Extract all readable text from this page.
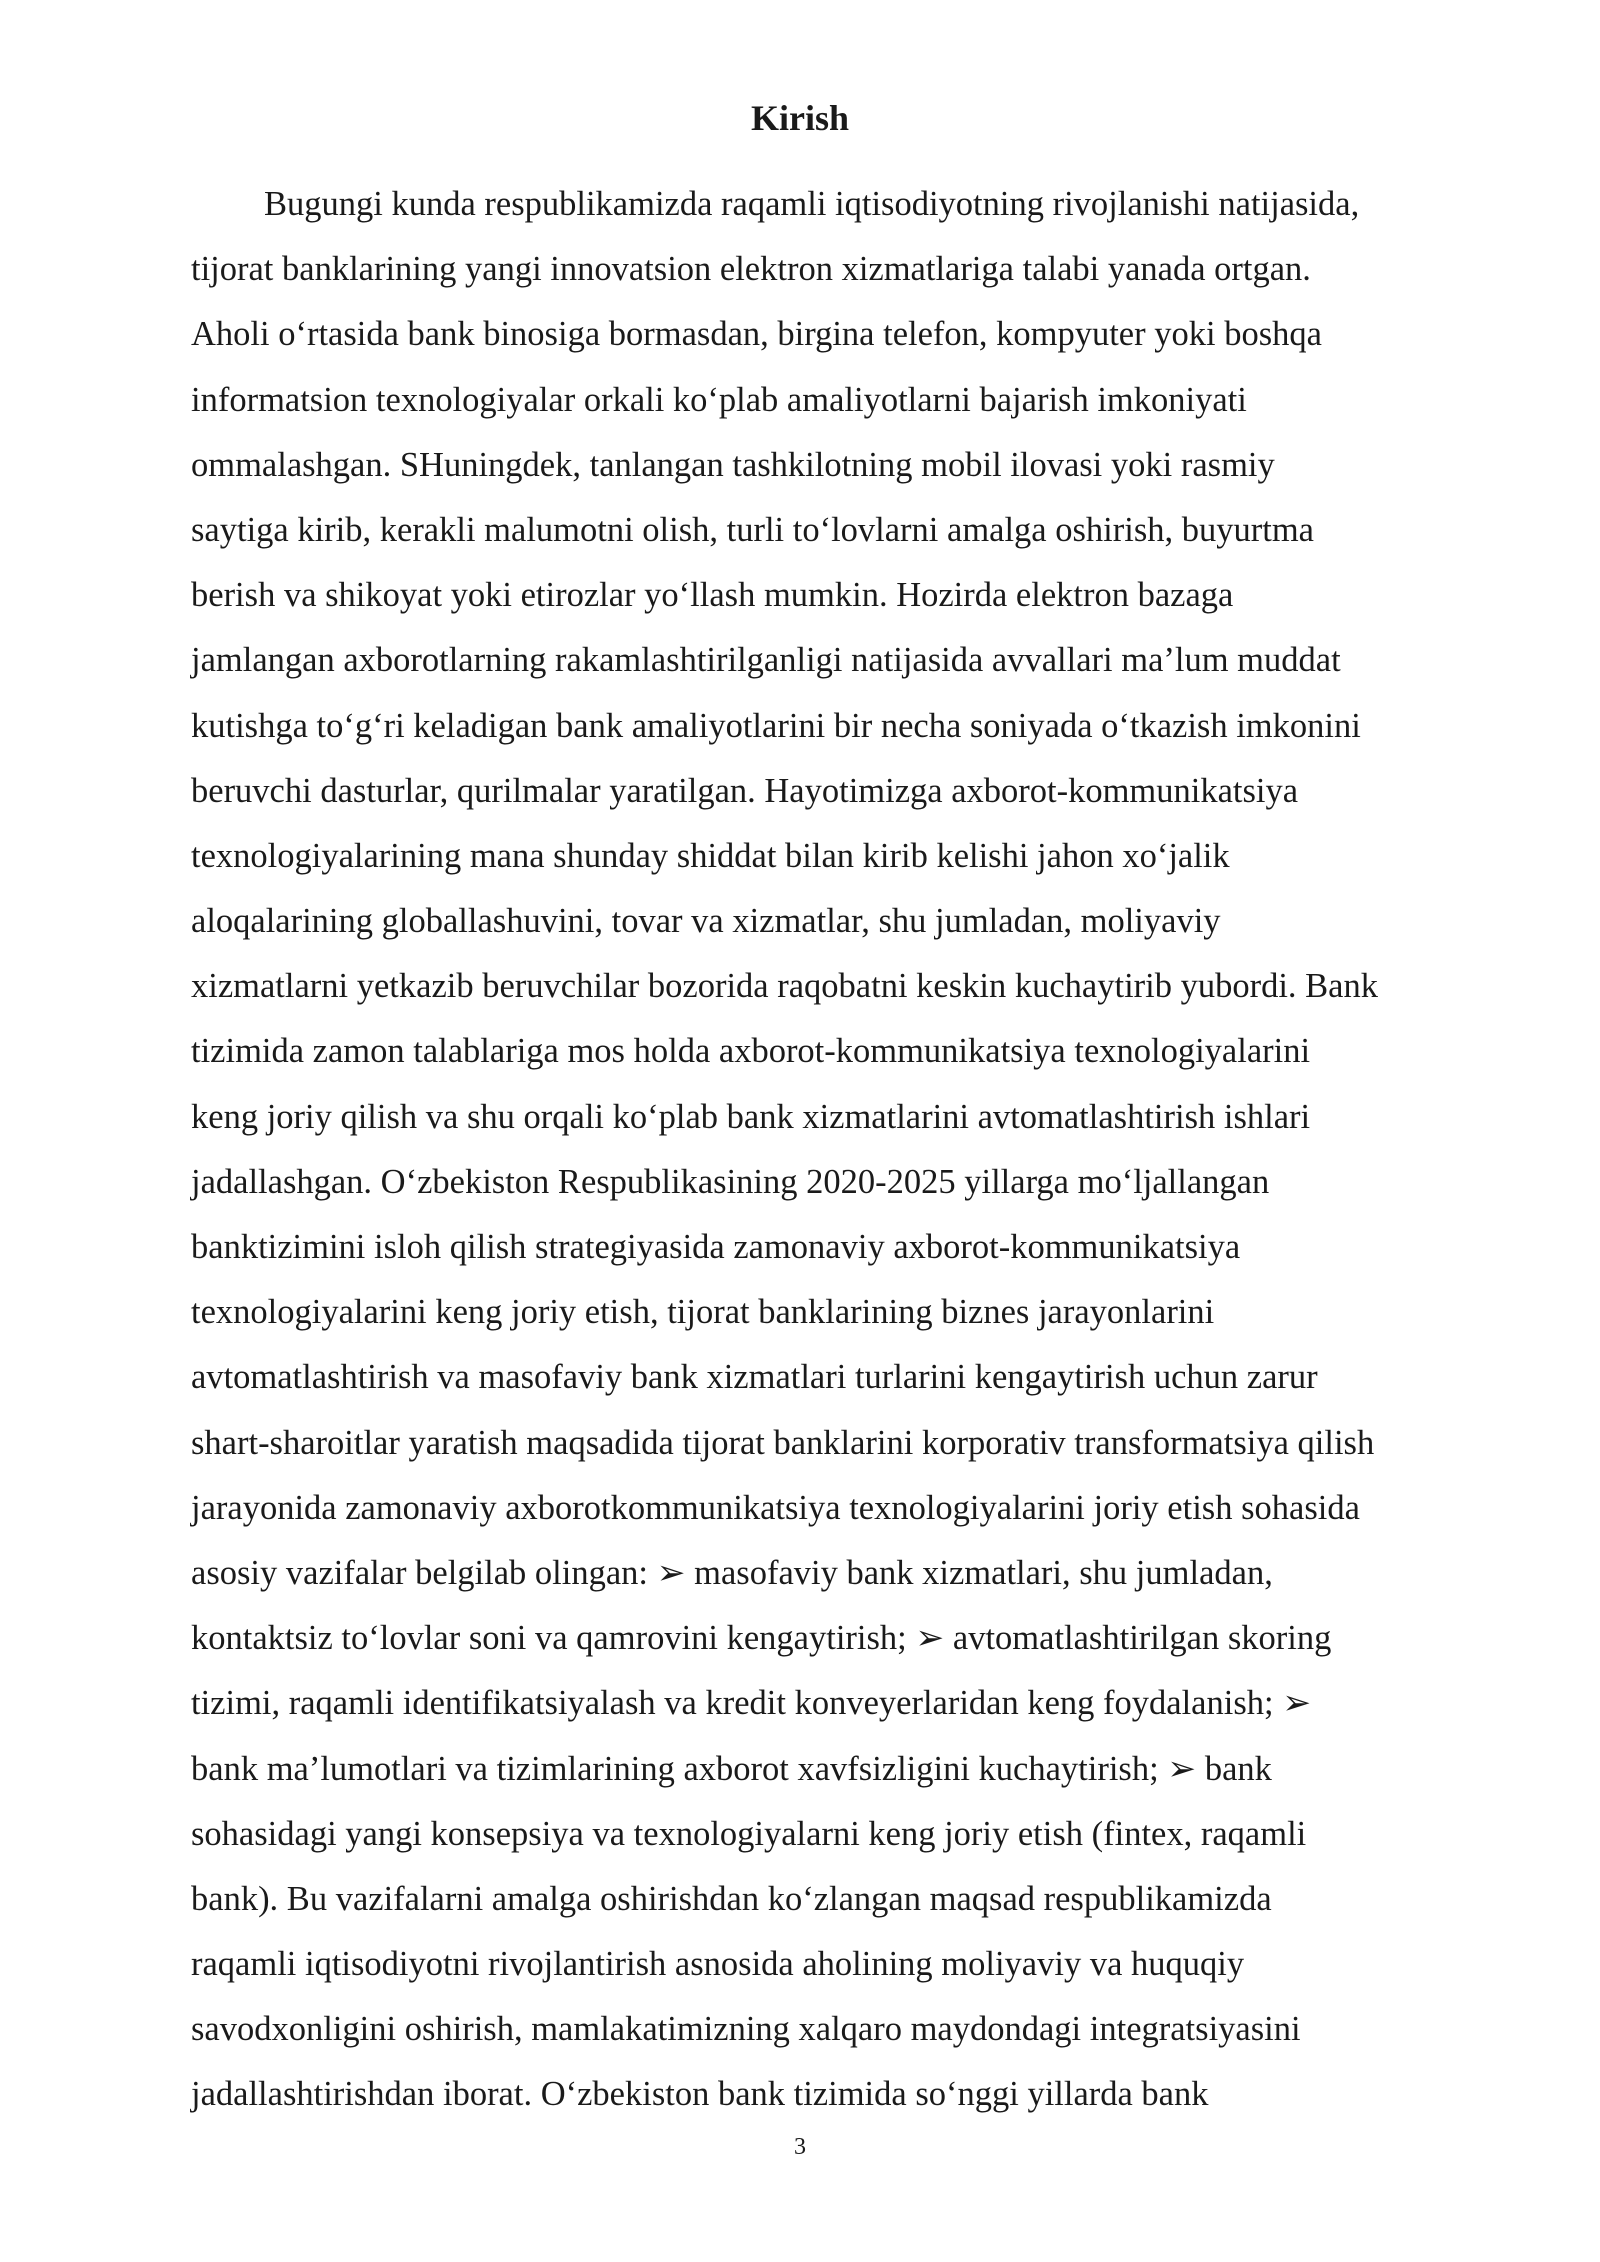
Kirish
Bugungi kunda respublikamizda raqamli iqtisodiyotning rivojlanishi natijasida,
tijorat banklarining yangi innovatsion elektron xizmatlariga talabi yanada ortgan.
Aholi o‘rtasida bank binosiga bormasdan, birgina telefon, kompyuter yoki boshqa
informatsion texnologiyalar orkali ko‘plab amaliyotlarni bajarish imkoniyati
ommalashgan. SHuningdek, tanlangan tashkilotning mobil ilovasi yoki rasmiy
saytiga kirib, kerakli malumotni olish, turli to‘lovlarni amalga oshirish, buyurtma
berish va shikoyat yoki etirozlar yo‘llash mumkin. Hozirda elektron bazaga
jamlangan axborotlarning rakamlashtirilganligi natijasida avvallari ma’lum muddat
kutishga to‘g‘ri keladigan bank amaliyotlarini bir necha soniyada o‘tkazish imkonini
beruvchi dasturlar, qurilmalar yaratilgan. Hayotimizga axborot-kommunikatsiya
texnologiyalarining mana shunday shiddat bilan kirib kelishi jahon xo‘jalik
aloqalarining globallashuvini, tovar va xizmatlar, shu jumladan, moliyaviy
xizmatlarni yetkazib beruvchilar bozorida raqobatni keskin kuchaytirib yubordi. Bank
tizimida zamon talablariga mos holda axborot-kommunikatsiya texnologiyalarini
keng joriy qilish va shu orqali ko‘plab bank xizmatlarini avtomatlashtirish ishlari
jadallashgan. O‘zbekiston Respublikasining 2020-2025 yillarga mo‘ljallangan
banktizimini isloh qilish strategiyasida zamonaviy axborot-kommunikatsiya
texnologiyalarini keng joriy etish, tijorat banklarining biznes jarayonlarini
avtomatlashtirish va masofaviy bank xizmatlari turlarini kengaytirish uchun zarur
shart-sharoitlar yaratish maqsadida tijorat banklarini korporativ transformatsiya qilish
jarayonida zamonaviy axborotkommunikatsiya texnologiyalarini joriy etish sohasida
asosiy vazifalar belgilab olingan: ➢ masofaviy bank xizmatlari, shu jumladan,
kontaktsiz to‘lovlar soni va qamrovini kengaytirish; ➢ avtomatlashtirilgan skoring
tizimi, raqamli identifikatsiyalash va kredit konveyerlaridan keng foydalanish; ➢
bank ma’lumotlari va tizimlarining axborot xavfsizligini kuchaytirish; ➢ bank
sohasidagi yangi konsepsiya va texnologiyalarni keng joriy etish (fintex, raqamli
bank). Bu vazifalarni amalga oshirishdan ko‘zlangan maqsad respublikamizda
raqamli iqtisodiyotni rivojlantirish asnosida aholining moliyaviy va huquqiy
savodxonligini oshirish, mamlakatimizning xalqaro maydondagi integratsiyasini
jadallashtirishdan iborat. O‘zbekiston bank tizimida so‘nggi yillarda bank
3
